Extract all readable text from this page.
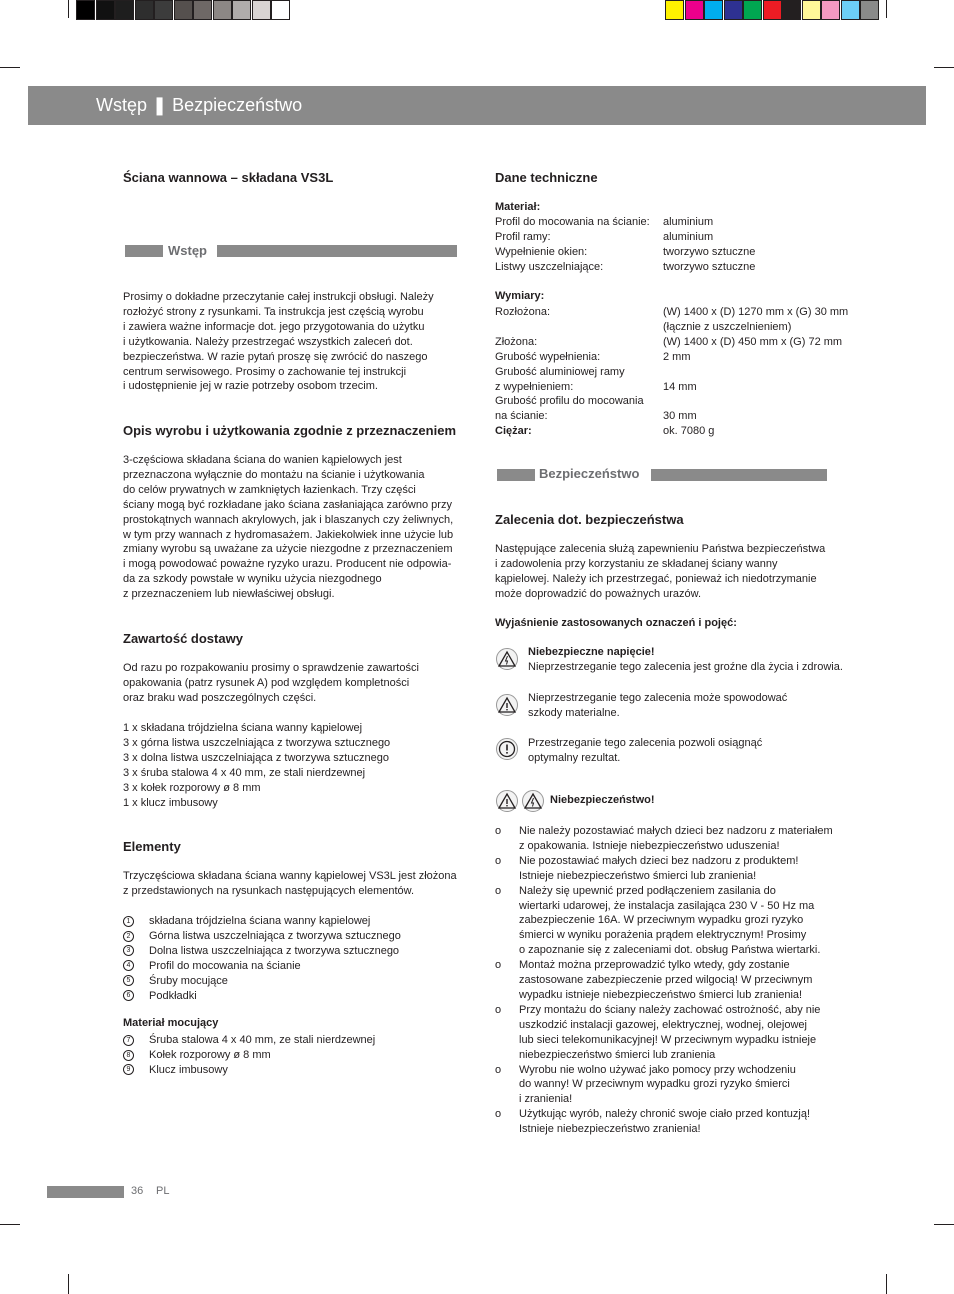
Wstęp ❚ Bezpieczeństwo
Ściana wannowa – składana VS3L
Wstęp
Prosimy o dokładne przeczytanie całej instrukcji obsługi. Należy
rozłożyć strony z rysunkami. Ta instrukcja jest częścią wyrobu
i zawiera ważne informacje dot. jego przygotowania do użytku
i użytkowania. Należy przestrzegać wszystkich zaleceń dot.
bezpieczeństwa. W razie pytań proszę się zwrócić do naszego
centrum serwisowego. Prosimy o zachowanie tej instrukcji
i udostępnienie jej w razie potrzeby osobom trzecim.
Opis wyrobu i użytkowania zgodnie z przeznaczeniem
3-częściowa składana ściana do wanien kąpielowych jest
przeznaczona wyłącznie do montażu na ścianie i użytkowania
do celów prywatnych w zamkniętych łazienkach. Trzy części
ściany mogą być rozkładane jako ściana zasłaniająca zarówno przy
prostokątnych wannach akrylowych, jak i blaszanych czy żeliwnych,
w tym przy wannach z hydromasażem. Jakiekolwiek inne użycie lub
zmiany wyrobu są uważane za użycie niezgodne z przeznaczeniem
i mogą powodować poważne ryzyko urazu. Producent nie odpowia-
da za szkody powstałe w wyniku użycia niezgodnego
z przeznaczeniem lub niewłaściwej obsługi.
Zawartość dostawy
Od razu po rozpakowaniu prosimy o sprawdzenie zawartości
opakowania (patrz rysunek A) pod względem kompletności
oraz braku wad poszczególnych części.
1 x składana trójdzielna ściana wanny kąpielowej
3 x górna listwa uszczelniająca z tworzywa sztucznego
3 x dolna listwa uszczelniająca z tworzywa sztucznego
3 x śruba stalowa 4 x 40 mm, ze stali nierdzewnej
3 x kołek rozporowy ø 8 mm
1 x klucz imbusowy
Elementy
Trzyczęściowa składana ściana wanny kąpielowej VS3L jest złożona
z przedstawionych na rysunkach następujących elementów.
1 składana trójdzielna ściana wanny kąpielowej
2 Górna listwa uszczelniająca z tworzywa sztucznego
3 Dolna listwa uszczelniająca z tworzywa sztucznego
4 Profil do mocowania na ścianie
5 Śruby mocujące
6 Podkładki
Materiał mocujący
7 Śruba stalowa 4 x 40 mm, ze stali nierdzewnej
8 Kołek rozporowy ø 8 mm
9 Klucz imbusowy
Dane techniczne
Materiał:
Profil do mocowania na ścianie:	aluminium
Profil ramy:	aluminium
Wypełnienie okien:	tworzywo sztuczne
Listwy uszczelniające:	tworzywo sztuczne
Wymiary:
Rozłożona:	(W) 1400 x (D) 1270 mm x (G) 30 mm
(łącznie z uszczelnieniem)
Złożona:	(W) 1400 x (D) 450 mm x (G) 72 mm
Grubość wypełnienia:	2 mm
Grubość aluminiowej ramy
z wypełnieniem:	
14 mm
Grubość profilu do mocowania
na ścianie:	
30 mm
Ciężar:	ok. 7080 g
Bezpieczeństwo
Zalecenia dot. bezpieczeństwa
Następujące zalecenia służą zapewnieniu Państwa bezpieczeństwa
i zadowolenia przy korzystaniu ze składanej ściany wanny
kąpielowej. Należy ich przestrzegać, ponieważ ich niedotrzymanie
może doprowadzić do poważnych urazów.
Wyjaśnienie zastosowanych oznaczeń i pojęć:
Niebezpieczne napięcie!
Nieprzestrzeganie tego zalecenia jest groźne dla życia i zdrowia.
Nieprzestrzeganie tego zalecenia może spowodować
szkody materialne.
Przestrzeganie tego zalecenia pozwoli osiągnąć
optymalny rezultat.
Niebezpieczeństwo!
o	Nie należy pozostawiać małych dzieci bez nadzoru z materiałem
z opakowania. Istnieje niebezpieczeństwo uduszenia!
o	Nie pozostawiać małych dzieci bez nadzoru z produktem!
Istnieje niebezpieczeństwo śmierci lub zranienia!
o	Należy się upewnić przed podłączeniem zasilania do
wiertarki udarowej, że instalacja zasilająca 230 V - 50 Hz ma
zabezpieczenie 16A. W przeciwnym wypadku grozi ryzyko
śmierci w wyniku porażenia prądem elektrycznym! Prosimy
o zapoznanie się z zaleceniami dot. obsług Państwa wiertarki.
o	Montaż można przeprowadzić tylko wtedy, gdy zostanie
zastosowane zabezpieczenie przed wilgocią! W przeciwnym
wypadku istnieje niebezpieczeństwo śmierci lub zranienia!
o	Przy montażu do ściany należy zachować ostrożność, aby nie
uszkodzić instalacji gazowej, elektrycznej, wodnej, olejowej
lub sieci telekomunikacyjnej! W przeciwnym wypadku istnieje
niebezpieczeństwo śmierci lub zranienia
o	Wyrobu nie wolno używać jako pomocy przy wchodzeniu
do wanny! W przeciwnym wypadku grozi ryzyko śmierci
i zranienia!
o	Użytkując wyrób, należy chronić swoje ciało przed kontuzją!
Istnieje niebezpieczeństwo zranienia!
36 PL
